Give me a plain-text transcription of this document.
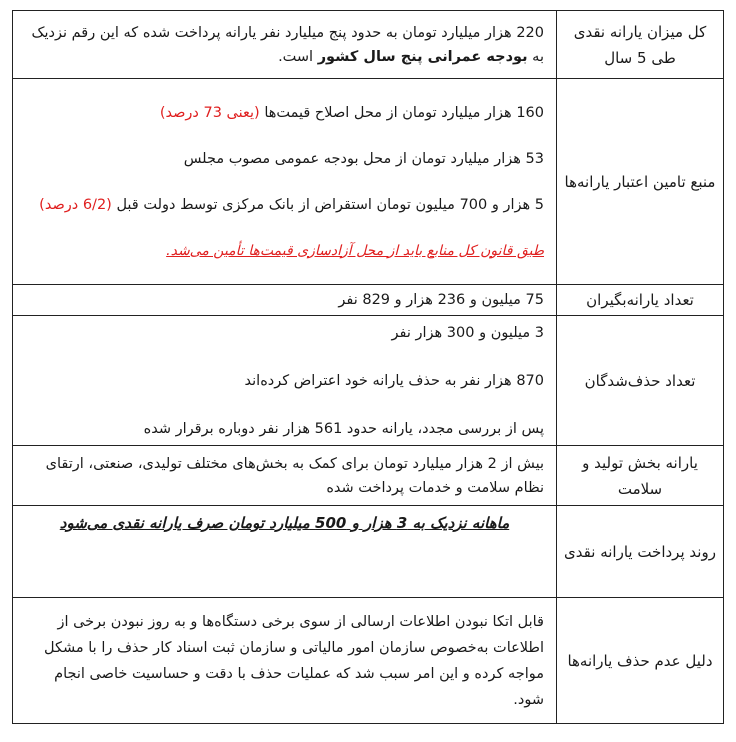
کل میزان یارانه نقدی طی 5 سال	220 هزار میلیارد تومان به حدود پنج میلیارد نفر یارانه پرداخت شده که این رقم نزدیک به بودجه عمرانی پنج سال کشور است.
منبع تامین اعتبار یارانه‌ها	160 هزار میلیارد تومان از محل اصلاح قیمت‌ها (یعنی 73 درصد)

53 هزار میلیارد تومان از محل بودجه عمومی مصوب مجلس

5 هزار و 700 میلیون تومان استقراض از بانک مرکزی توسط دولت قبل (6/2 درصد)

طبق قانون کل منابع باید از محل آزادسازی قیمت‌ها تأمین می‌شد.

تعداد یارانه‌بگیران	75 میلیون و 236 هزار و 829 نفر
تعداد حذف‌شدگان	3 میلیون و 300 هزار نفر

870 هزار نفر به حذف یارانه خود اعتراض کرده‌اند

پس از بررسی مجدد، یارانه حدود 561 هزار نفر دوباره برقرار شده

یارانه بخش تولید و سلامت	بیش از 2 هزار میلیارد تومان برای کمک به بخش‌های مختلف تولیدی، صنعتی، ارتقای نظام سلامت و خدمات پرداخت شده
روند پرداخت یارانه نقدی	ماهانه نزدیک به 3 هزار و 500 میلیارد تومان صرف یارانه نقدی می‌شود

دلیل عدم حذف یارانه‌ها	قابل اتکا نبودن اطلاعات ارسالی از سوی برخی دستگاه‌ها و به روز نبودن برخی از اطلاعات به‌خصوص سازمان امور مالیاتی و سازمان ثبت اسناد کار حذف را با مشکل مواجه کرده و این امر سبب شد که عملیات حذف با دقت و حساسیت خاصی انجام شود.
